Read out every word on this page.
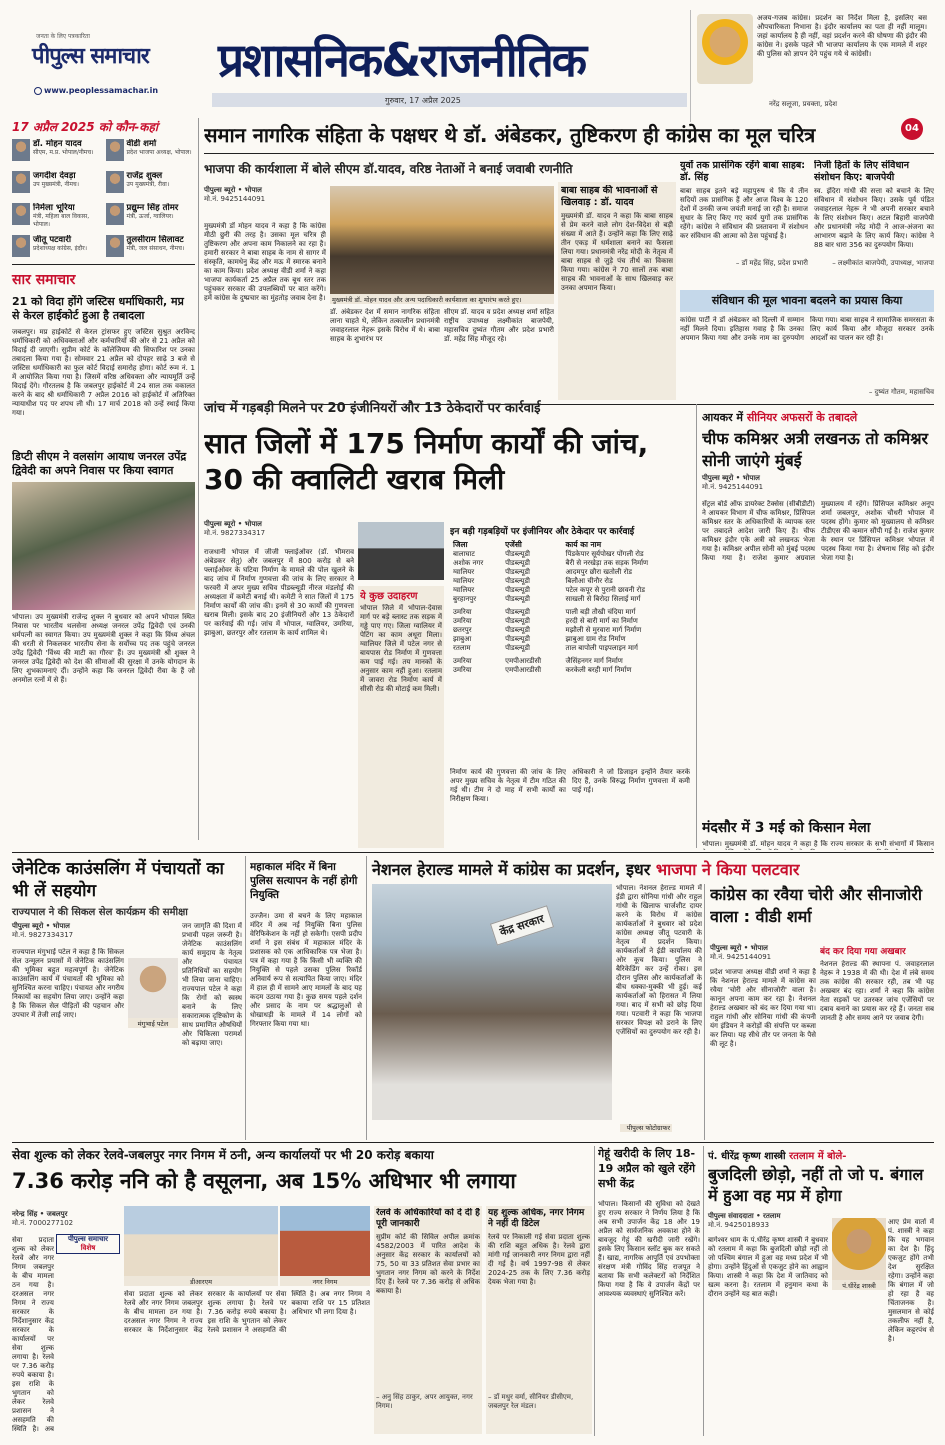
जनता के लिए पत्रकारिता
पीपुल्स समाचार
www.peoplessamachar.in
प्रशासनिक&राजनीतिक
गुरुवार, 17 अप्रैल 2025
अजय-गजब कांग्रेस। प्रदर्शन का निर्देश मिला है, इसलिए बस औपचारिकता निभाना है। इंदौर कार्यालय का पता ही नहीं मालूम। जहां कार्यालय है ही नहीं, वहां प्रदर्शन करने की घोषणा की इंदौर की कांग्रेस ने। इसके पहले भी भाजपा कार्यालय के एक मामले में शहर की पुलिस को ज्ञापन देने पहुंच गये थे कांग्रेसी।
नरेंद्र सलूजा, प्रवक्ता, प्रदेश
04
17 अप्रैल 2025 को कौन-कहां
डॉ. मोहन यादव
सीएम, म.प्र. भोपाल/नीमच।
वीडी शर्मा
प्रदेश भाजपा अध्यक्ष, भोपाल।
जगदीश देवड़ा
उप मुख्यमंत्री, नीमच।
राजेंद्र शुक्ल
उप मुख्यमंत्री, रीवा।
निर्मला भूरिया
मंत्री, महिला बाल विकास, भोपाल।
प्रद्युम्न सिंह तोमर
मंत्री, ऊर्जा, ग्वालियर।
जीतू पटवारी
प्रदेशाध्यक्ष कांग्रेस, इंदौर।
तुलसीराम सिलावट
मंत्री, जल संसाधन, नीमच।
सार समाचार
21 को विदा होंगे जस्टिस धर्माधिकारी, मप्र से केरल हाईकोर्ट हुआ है तबादला
जबलपुर। मप्र हाईकोर्ट से केरल ट्रांसफर हुए जस्टिस सुश्रुत अरविन्द धर्माधिकारी को अधिवक्ताओं और कर्मचारियों की ओर से 21 अप्रैल को विदाई दी जाएगी। सुप्रीम कोर्ट के कॉलेजियम की सिफारिश पर उनका तबादला किया गया है। सोमवार 21 अप्रैल को दोपहर साढ़े 3 बजे से जस्टिस धर्माधिकारी का फुल कोर्ट विदाई समारोह होगा। कोर्ट रूम नं. 1 में आयोजित किया गया है। जिसमें वरिष्ठ अधिवक्ता और न्यायमूर्ति उन्हें विदाई देंगे। गौरतलब है कि जबलपुर हाईकोर्ट में 24 साल तक वकालत करने के बाद श्री धर्माधिकारी 7 अप्रैल 2016 को हाईकोर्ट में अतिरिक्त न्यायाधीश पद पर शपथ ली थी। 17 मार्च 2018 को उन्हें स्थाई किया गया।
डिप्टी सीएम ने वलसांग आयाध जनरल उपेंद्र द्विवेदी का अपने निवास पर किया स्वागत
भोपाल। उप मुख्यमंत्री राजेन्द्र शुक्ल ने बुधवार को अपने भोपाल स्थित निवास पर भारतीय थलसेना अध्यक्ष जनरल उपेंद्र द्विवेदी एवं उनकी धर्मपत्नी का स्वागत किया। उप मुख्यमंत्री शुक्ल ने कहा कि विंध्य अंचल की धरती से निकलकर भारतीय सेना के सर्वोच्च पद तक पहुंचे जनरल उपेंद्र द्विवेदी 'विंध्य की माटी का गौरव' हैं। उप मुख्यमंत्री श्री शुक्ल ने जनरल उपेंद्र द्विवेदी को देश की सीमाओं की सुरक्षा में उनके योगदान के लिए शुभकामनाएं दीं। उन्होंने कहा कि जनरल द्विवेदी रीवा के हैं जो अनमोल रत्नों में से हैं।
समान नागरिक संहिता के पक्षधर थे डॉ. अंबेडकर, तुष्टिकरण ही कांग्रेस का मूल चरित्र
भाजपा की कार्यशाला में बोले सीएम डॉ.यादव, वरिष्ठ नेताओं ने बनाई जवाबी रणनीति
पीपुल्स ब्यूरो • भोपाल
मो.नं. 9425144091
मुख्यमंत्री डॉ मोहन यादव ने कहा है कि कांग्रेस मीठी छुरी की तरह है। उसका मूल चरित्र ही तुष्टिकरण और अपना काम निकालने का रहा है। हमारी सरकार ने बाबा साहब के नाम से सागर में संस्कृति, कामधेनु केंद्र और मऊ में स्मारक बनाने का काम किया। प्रदेश अध्यक्ष वीडी शर्मा ने कहा भाजपा कार्यकर्ता 25 अप्रैल तक बूथ स्तर तक पहुंचकर सरकार की उपलब्धियों पर बात करेंगे। हमें कांग्रेस के दुष्प्रचार का मुंहतोड़ जवाब देना है।	मुख्यमंत्री डॉ. मोहन यादव और अन्य पदाधिकारी कार्यशाला का शुभारंभ करते हुए।
डॉ. अंबेडकर देश में समान नागरिक संहिता लाना चाहते थे, लेकिन तत्कालीन प्रधानमंत्री जवाहरलाल नेहरू इसके विरोध में थे। बाबा साहब के शुभारंभ पर
सीएम डॉ. यादव व प्रदेश अध्यक्ष शर्मा सहित राष्ट्रीय उपाध्यक्ष लक्ष्मीकांत बाजपेयी, महासचिव दुष्यंत गौतम और प्रदेश प्रभारी डॉ. महेंद्र सिंह मौजूद रहे।
बाबा साहब की भावनाओं से खिलवाड़ : डॉ. यादव
मुख्यमंत्री डॉ. यादव ने कहा कि बाबा साहब से प्रेम करने वाले लोग देश-विदेश से बड़ी संख्या में आते हैं। उन्होंने कहा कि लिए साढ़े तीन एकड़ में धर्मशाला बनाने का फैसला लिया गया। प्रधानमंत्री नरेंद्र मोदी के नेतृत्व में बाबा साहब से जुड़े पंच तीर्थ का विकास किया गया। कांग्रेस ने 70 सालों तक बाबा साहब की भावनाओं के साथ खिलवाड़ कर उनका अपमान किया।
युवों तक प्रासंगिक रहेंगे बाबा साहब: डॉ. सिंह
बाबा साहब इतने बड़े महापुरुष थे कि वे तीन सदियों तक प्रासंगिक हैं और आज विश्व के 120 देशों में उनकी जन्म जयंती मनाई जा रही है। समाज सुधार के लिए किए गए कार्य युगों तक प्रासंगिक रहेंगे। कांग्रेस ने संविधान की प्रस्तावना में संशोधन कर संविधान की आत्मा को ठेस पहुंचाई है।
– डॉ महेंद्र सिंह, प्रदेश प्रभारी
निजी हितों के लिए संविधान संशोधन किए: बाजपेयी
स्व. इंदिरा गांधी की सत्ता को बचाने के लिए संविधान में संशोधन किए। उसके पूर्व पंडित जवाहरलाल नेहरू ने भी अपनी सरकार बचाने के लिए संशोधन किए। अटल बिहारी वाजपेयी और प्रधानमंत्री नरेंद्र मोदी ने आज-अंजना का आभारण बढ़ाने के लिए कार्य किए। कांग्रेस ने 88 बार धारा 356 का दुरुपयोग किया।
– लक्ष्मीकांत बाजपेयी, उपाध्यक्ष, भाजपा
संविधान की मूल भावना बदलने का प्रयास किया
कांग्रेस पार्टी ने डॉ अंबेडकर को दिल्ली में सम्मान नहीं मिलने दिया। इतिहास गवाह है कि उनका अपमान किया गया और उनके नाम का दुरुपयोग किया गया। बाबा साहब ने सामाजिक समरसता के लिए कार्य किया और मौजूदा सरकार उनके आदर्शों का पालन कर रही है।
– दुष्यंत गौतम, महासचिव
जांच में गड़बड़ी मिलने पर 20 इंजीनियरों और 13 ठेकेदारों पर कार्रवाई
सात जिलों में 175 निर्माण कार्यों की जांच, 30 की क्वालिटी खराब मिली
पीपुल्स ब्यूरो • भोपाल
मो.नं. 9827334317
राजधानी भोपाल में जीजी फ्लाईओवर (डॉ. भीमराव अंबेडकर सेतु) और जबलपुर में 800 करोड़ से बने फ्लाईओवर के घटिया निर्माण के मामले की पोल खुलने के बाद जांच में निर्माण गुणवत्ता की जांच के लिए सरकार ने फरवरी में अपर मुख्य सचिव पीडब्ल्यूडी नीरज मंडलोई की अध्यक्षता में कमेटी बनाई थी। कमेटी ने सात जिलों में 175 निर्माण कार्यों की जांच की। इनमें से 30 कार्यों की गुणवत्ता खराब मिली। इसके बाद 20 इंजीनियरों और 13 ठेकेदारों पर कार्रवाई की गई। जांच में भोपाल, ग्वालियर, उमरिया, झाबुआ, छतरपुर और रतलाम के कार्य शामिल थे।
ये कुछ उदाहरण
भोपाल जिले में भोपाल-देवास मार्ग पर बड़े ब्लास्ट तक सड़क में गड्ढे पाए गए। जिला ग्वालियर में पेटिंग का काम अधूरा मिला। ग्वालियर जिले में पटेल नगर से बायपास रोड निर्माण में गुणवत्ता कम पाई गई। तय मानकों के अनुसार काम नहीं हुआ। रतलाम में जावरा रोड निर्माण कार्य में सीसी रोड की मोटाई कम मिली।
इन बड़ी गड़बड़ियों पर इंजीनियर और ठेकेदार पर कार्रवाई
जिला	एजेंसी	कार्य का नाम
बालाघाट	पीडब्ल्यूडी	पिंडकेपार सूर्यपोखर पोंगली रोड
अशोक नगर	पीडब्ल्यूडी	बैरी से नरखेड़ा तक सड़क निर्माण
ग्वालियर	पीडब्ल्यूडी	आदमपुर छौरा खतोली रोड
ग्वालियर	पीडब्ल्यूडी	बिलौआ चीनौर रोड
ग्वालियर	पीडब्ल्यूडी	पटेल कपूर से पुरानी छावनी रोड
बुरहानपुर	पीडब्ल्यूडी	साखली से बिरोदा सिलाई मार्ग
उमरिया	पीडब्ल्यूडी	पाली बड़ी तौखी चंदिया मार्ग
उमरिया	पीडब्ल्यूडी	हरदी से बारी मार्ग का निर्माण
छतरपुर	पीडब्ल्यूडी	मझौली से मुरवारा मार्ग निर्माण
झाबुआ	पीडब्ल्यूडी	झाबुआ ग्राम रोड निर्माण
रतलाम	पीडब्ल्यूडी	ताल बापोली पाइपलाइन मार्ग
उमरिया	एमपीआरडीसी	जैसिंहनगर मार्ग निर्माण
उमरिया	एमपीआरडीसी	करकेली बरही मार्ग निर्माण
निर्माण कार्य की गुणवत्ता की जांच के लिए अपर मुख्य सचिव के नेतृत्व में टीम गठित की गई थी। टीम ने दो माह में सभी कार्यों का निरीक्षण किया।
अधिकारी ने जो डिजाइन इन्होंने तैयार करके दिए हैं, उनके विरुद्ध निर्माण गुणवत्ता में कमी पाई गई।
आयकर में सीनियर अफसरों के तबादले
चीफ कमिश्नर अत्री लखनऊ तो कमिश्नर सोनी जाएंगे मुंबई
पीपुल्स ब्यूरो • भोपाल
मो.नं. 9425144091
सेंट्रल बोर्ड ऑफ डायरेक्ट टैक्सेस (सीबीडीटी) ने आयकर विभाग में चीफ कमिश्नर, प्रिंसिपल कमिश्नर स्तर के अधिकारियों के व्यापक स्तर पर तबादले आदेश जारी किए हैं। चीफ कमिश्नर इंदौर एके अत्री को लखनऊ भेजा गया है। कमिश्नर अपील सोनी को मुंबई पदस्थ किया गया है। राजेश कुमार अग्रवाल मुख्यालय में रहेंगे। प्रिंसिपल कमिश्नर अनूप शर्मा जबलपुर, अशोक चौधरी भोपाल में पदस्थ होंगे। कुमार को मुख्यालय से कमिश्नर टीडीएस की कमान सौंपी गई है। राजेश कुमार के स्थान पर प्रिंसिपल कमिश्नर भोपाल में पदस्थ किया गया है। शेषनाथ सिंह को इंदौर भेजा गया है।
मंदसौर में 3 मई को किसान मेला
भोपाल। मुख्यमंत्री डॉ. मोहन यादव ने कहा है कि राज्य सरकार के सभी संभागों में किसान
जेनेटिक काउंसलिंग में पंचायतों का भी लें सहयोग
राज्यपाल ने की सिकल सेल कार्यक्रम की समीक्षा
पीपुल्स ब्यूरो • भोपाल
मो.नं. 9827334317
राज्यपाल मंगुभाई पटेल ने कहा है कि सिकल सेल उन्मूलन प्रयासों में जेनेटिक काउंसलिंग की भूमिका बहुत महत्वपूर्ण है। जेनेटिक काउंसलिंग कार्य में पंचायतों की भूमिका को सुनिश्चित करना चाहिए। पंचायत और नगरीय निकायों का सहयोग लिया जाए। उन्होंने कहा है कि सिकल सेल पीड़ितों की पहचान और उपचार में तेजी लाई जाए।
मंगुभाई पटेल
जन जागृति की दिशा में प्रभावी पहल जरूरी है। जेनेटिक काउंसलिंग कार्य समुदाय के नेतृत्व और पंचायत प्रतिनिधियों का सहयोग भी लिया जाना चाहिए। राज्यपाल पटेल ने कहा कि रोगों को स्वस्थ बनाने के लिए सकारात्मक दृष्टिकोण के साथ प्रमाणित औषधियों और चिकित्सा परामर्श को बढ़ाया जाए।
महाकाल मंदिर में बिना पुलिस सत्यापन के नहीं होगी नियुक्ति
उज्जैन। उमा से बचने के लिए महाकाल मंदिर में अब नई नियुक्ति बिना पुलिस वेरिफिकेशन के नहीं हो सकेगी। एसपी प्रदीप शर्मा ने इस संबंध में महाकाल मंदिर के प्रशासक को एक आधिकारिक पत्र भेजा है। पत्र में कहा गया है कि किसी भी व्यक्ति की नियुक्ति से पहले उसका पुलिस रिकॉर्ड अनिवार्य रूप से सत्यापित किया जाए। मंदिर में हाल ही में सामने आए मामलों के बाद यह कदम उठाया गया है। कुछ समय पहले दर्शन और प्रसाद के नाम पर श्रद्धालुओं से धोखाधड़ी के मामले में 14 लोगों को गिरफ्तार किया गया था।
नेशनल हेराल्ड मामले में कांग्रेस का प्रदर्शन, इधर भाजपा ने किया पलटवार
केंद्र सरकार
पीपुल्स फोटोग्राफर
भोपाल। नेशनल हेराल्ड मामले में ईडी द्वारा सोनिया गांधी और राहुल गांधी के खिलाफ चार्जशीट दायर करने के विरोध में कांग्रेस कार्यकर्ताओं ने बुधवार को प्रदेश कांग्रेस अध्यक्ष जीतू पटवारी के नेतृत्व में प्रदर्शन किया। कार्यकर्ताओं ने ईडी कार्यालय की ओर कूच किया। पुलिस ने बैरिकेडिंग कर उन्हें रोका। इस दौरान पुलिस और कार्यकर्ताओं के बीच धक्का-मुक्की भी हुई। कई कार्यकर्ताओं को हिरासत में लिया गया। बाद में सभी को छोड़ दिया गया। पटवारी ने कहा कि भाजपा सरकार विपक्ष को डराने के लिए एजेंसियों का दुरुपयोग कर रही है।
कांग्रेस का रवैया चोरी और सीनाजोरी वाला : वीडी शर्मा
पीपुल्स ब्यूरो • भोपाल
मो.नं. 9425144091
प्रदेश भाजपा अध्यक्ष वीडी शर्मा ने कहा है कि नेशनल हेराल्ड मामले में कांग्रेस का रवैया 'चोरी और सीनाजोरी' वाला है। कानून अपना काम कर रहा है। नेशनल हेराल्ड अखबार को बंद कर दिया गया था। राहुल गांधी और सोनिया गांधी की कंपनी यंग इंडियन ने करोड़ों की संपत्ति पर कब्जा कर लिया। यह सीधे तौर पर जनता के पैसे की लूट है।
बंद कर दिया गया अखबार
नेशनल हेराल्ड की स्थापना पं. जवाहरलाल नेहरू ने 1938 में की थी। देश में लंबे समय तक कांग्रेस की सरकार रही, तब भी यह अखबार बंद रहा। शर्मा ने कहा कि कांग्रेस नेता सड़कों पर उतरकर जांच एजेंसियों पर दबाव बनाने का प्रयास कर रहे हैं। जनता सब जानती है और समय आने पर जवाब देगी।
सेवा शुल्क को लेकर रेलवे-जबलपुर नगर निगम में ठनी, अन्य कार्यालयों पर भी 20 करोड़ बकाया
7.36 करोड़ ननि को है वसूलना, अब 15% अधिभार भी लगाया
नरेन्द्र सिंह • जबलपुर
मो.नं. 7000277102
पीपुल्स समाचार
विशेष
सेवा प्रदाता शुल्क को लेकर रेलवे और नगर निगम जबलपुर के बीच मामला ठन गया है। दरअसल नगर निगम ने राज्य सरकार के निर्देशानुसार केंद्र सरकार के कार्यालयों पर सेवा शुल्क लगाया है। रेलवे पर 7.36 करोड़ रुपये बकाया है। इस राशि के भुगतान को लेकर रेलवे प्रशासन ने असहमति की स्थिति है। अब
डीआरएम	नगर निगम
सेवा प्रदाता शुल्क को लेकर रेलवे और नगर निगम जबलपुर के बीच मामला ठन गया है। दरअसल नगर निगम ने राज्य सरकार के निर्देशानुसार केंद्र सरकार के कार्यालयों पर सेवा शुल्क लगाया है। रेलवे पर 7.36 करोड़ रुपये बकाया है। इस राशि के भुगतान को लेकर रेलवे प्रशासन ने असहमति की स्थिति है। अब नगर निगम ने बकाया राशि पर 15 प्रतिशत अधिभार भी लगा दिया है।
रेलवे के अधिकारियों को दे दी है पूरी जानकारी
सुप्रीम कोर्ट की सिविल अपील क्रमांक 4582/2003 में पारित आदेश के अनुसार केंद्र सरकार के कार्यालयों को 75, 50 या 33 प्रतिशत सेवा प्रभार का भुगतान नगर निगम को करने के निर्देश दिए हैं। रेलवे पर 7.36 करोड़ से अधिक बकाया है।
– अनु सिंह ठाकुर, अपर आयुक्त, नगर निगम।
यह शुल्क अधिक, नगर निगम ने नहीं दी डिटेल
रेलवे पर निकाली गई सेवा प्रदाता शुल्क की राशि बहुत अधिक है। रेलवे द्वारा मांगी गई जानकारी नगर निगम द्वारा नहीं दी गई है। वर्ष 1997-98 से लेकर 2024-25 तक के लिए 7.36 करोड़ देयक भेजा गया है।
– डॉ मधुर वर्मा, सीनियर डीसीएम, जबलपुर रेल मंडल।
गेहूं खरीदी के लिए 18-19 अप्रैल को खुले रहेंगे सभी केंद्र
भोपाल। किसानों की सुविधा को देखते हुए राज्य सरकार ने निर्णय लिया है कि अब सभी उपार्जन केंद्र 18 और 19 अप्रैल को सार्वजनिक अवकाश होने के बावजूद गेहूं की खरीदी जारी रखेंगे। इसके लिए किसान स्लॉट बुक कर सकते हैं। खाद्य, नागरिक आपूर्ति एवं उपभोक्ता संरक्षण मंत्री गोविंद सिंह राजपूत ने बताया कि सभी कलेक्टरों को निर्देशित किया गया है कि वे उपार्जन केंद्रों पर आवश्यक व्यवस्थाएं सुनिश्चित करें।
पं. धीरेंद्र कृष्ण शास्त्री रतलाम में बोले-
बुजदिली छोड़ो, नहीं तो जो प. बंगाल में हुआ वह मप्र में होगा
पीपुल्स संवाददाता • रतलाम
मो.नं. 9425018933
बागेश्वर धाम के पं.धीरेंद्र कृष्ण शास्त्री ने बुधवार को रतलाम में कहा कि बुजदिली छोड़ो नहीं तो जो पश्चिम बंगाल में हुआ वह मध्य प्रदेश में भी होगा। उन्होंने हिंदुओं से एकजुट होने का आह्वान किया। शास्त्री ने कहा कि देश में जातिवाद को खत्म करना है। रतलाम में हनुमान कथा के दौरान उन्होंने यह बात कही।
पं.धीरेंद्र शास्त्री
आए प्रेम वार्ता में पं. शास्त्री ने कहा कि यह भगवान का देश है। हिंदू एकजुट होंगे तभी देश सुरक्षित रहेगा। उन्होंने कहा कि बंगाल में जो हो रहा है वह चिंताजनक है। मुसलमान से कोई तकलीफ नहीं है, लेकिन कट्टरपंथ से है।
